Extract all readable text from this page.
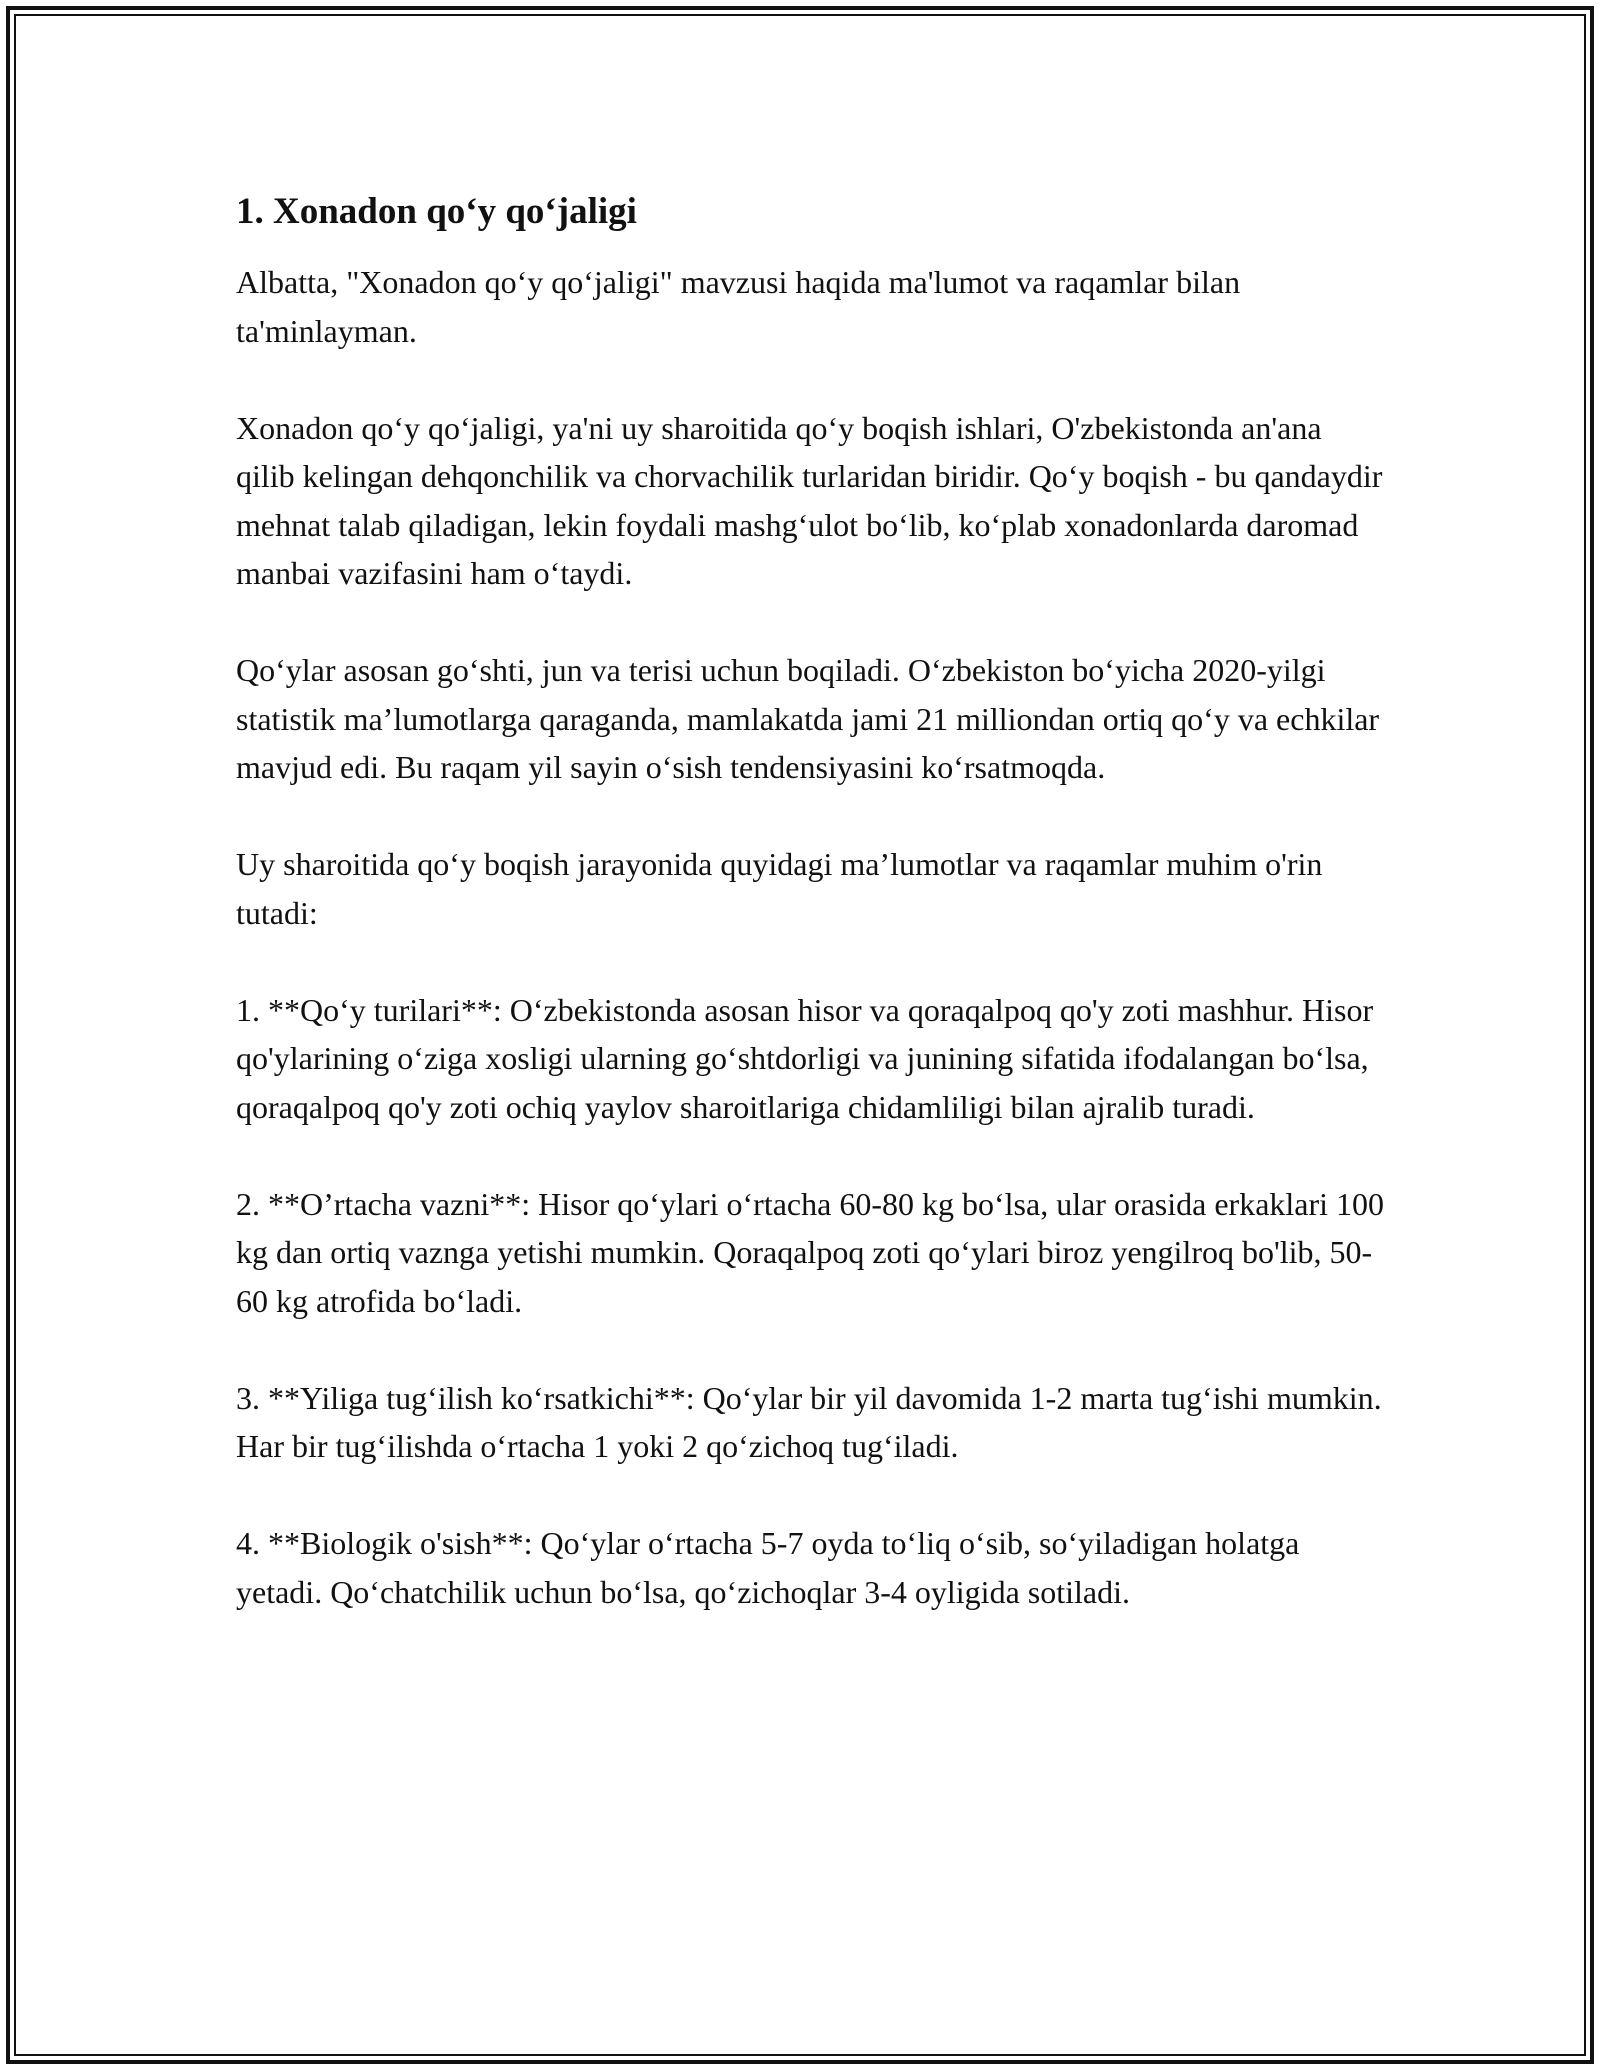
1. Xonadon qo‘y qo‘jaligi

Albatta, "Xonadon qo‘y qo‘jaligi" mavzusi haqida ma'lumot va raqamlar bilan ta'minlayman.

Xonadon qo‘y qo‘jaligi, ya'ni uy sharoitida qo‘y boqish ishlari, O'zbekistonda an'ana qilib kelingan dehqonchilik va chorvachilik turlaridan biridir. Qo‘y boqish - bu qandaydir mehnat talab qiladigan, lekin foydali mashg‘ulot bo‘lib, ko‘plab xonadonlarda daromad manbai vazifasini ham o‘taydi.

Qo‘ylar asosan go‘shti, jun va terisi uchun boqiladi. O‘zbekiston bo‘yicha 2020-yilgi statistik ma’lumotlarga qaraganda, mamlakatda jami 21 milliondan ortiq qo‘y va echkilar mavjud edi. Bu raqam yil sayin o‘sish tendensiyasini ko‘rsatmoqda.

Uy sharoitida qo‘y boqish jarayonida quyidagi ma’lumotlar va raqamlar muhim o'rin tutadi:

1. **Qo‘y turilari**: O‘zbekistonda asosan hisor va qoraqalpoq qo'y zoti mashhur. Hisor qo'ylarining o‘ziga xosligi ularning go‘shtdorligi va junining sifatida ifodalangan bo‘lsa, qoraqalpoq qo'y zoti ochiq yaylov sharoitlariga chidamliligi bilan ajralib turadi.

2. **O’rtacha vazni**: Hisor qo‘ylari o‘rtacha 60-80 kg bo‘lsa, ular orasida erkaklari 100 kg dan ortiq vaznga yetishi mumkin. Qoraqalpoq zoti qo‘ylari biroz yengilroq bo'lib, 50-60 kg atrofida bo‘ladi.

3. **Yiliga tug‘ilish ko‘rsatkichi**: Qo‘ylar bir yil davomida 1-2 marta tug‘ishi mumkin. Har bir tug‘ilishda o‘rtacha 1 yoki 2 qo‘zichoq tug‘iladi.

4. **Biologik o'sish**: Qo‘ylar o‘rtacha 5-7 oyda to‘liq o‘sib, so‘yiladigan holatga yetadi. Qo‘chatchilik uchun bo‘lsa, qo‘zichoqlar 3-4 oyligida sotiladi.
